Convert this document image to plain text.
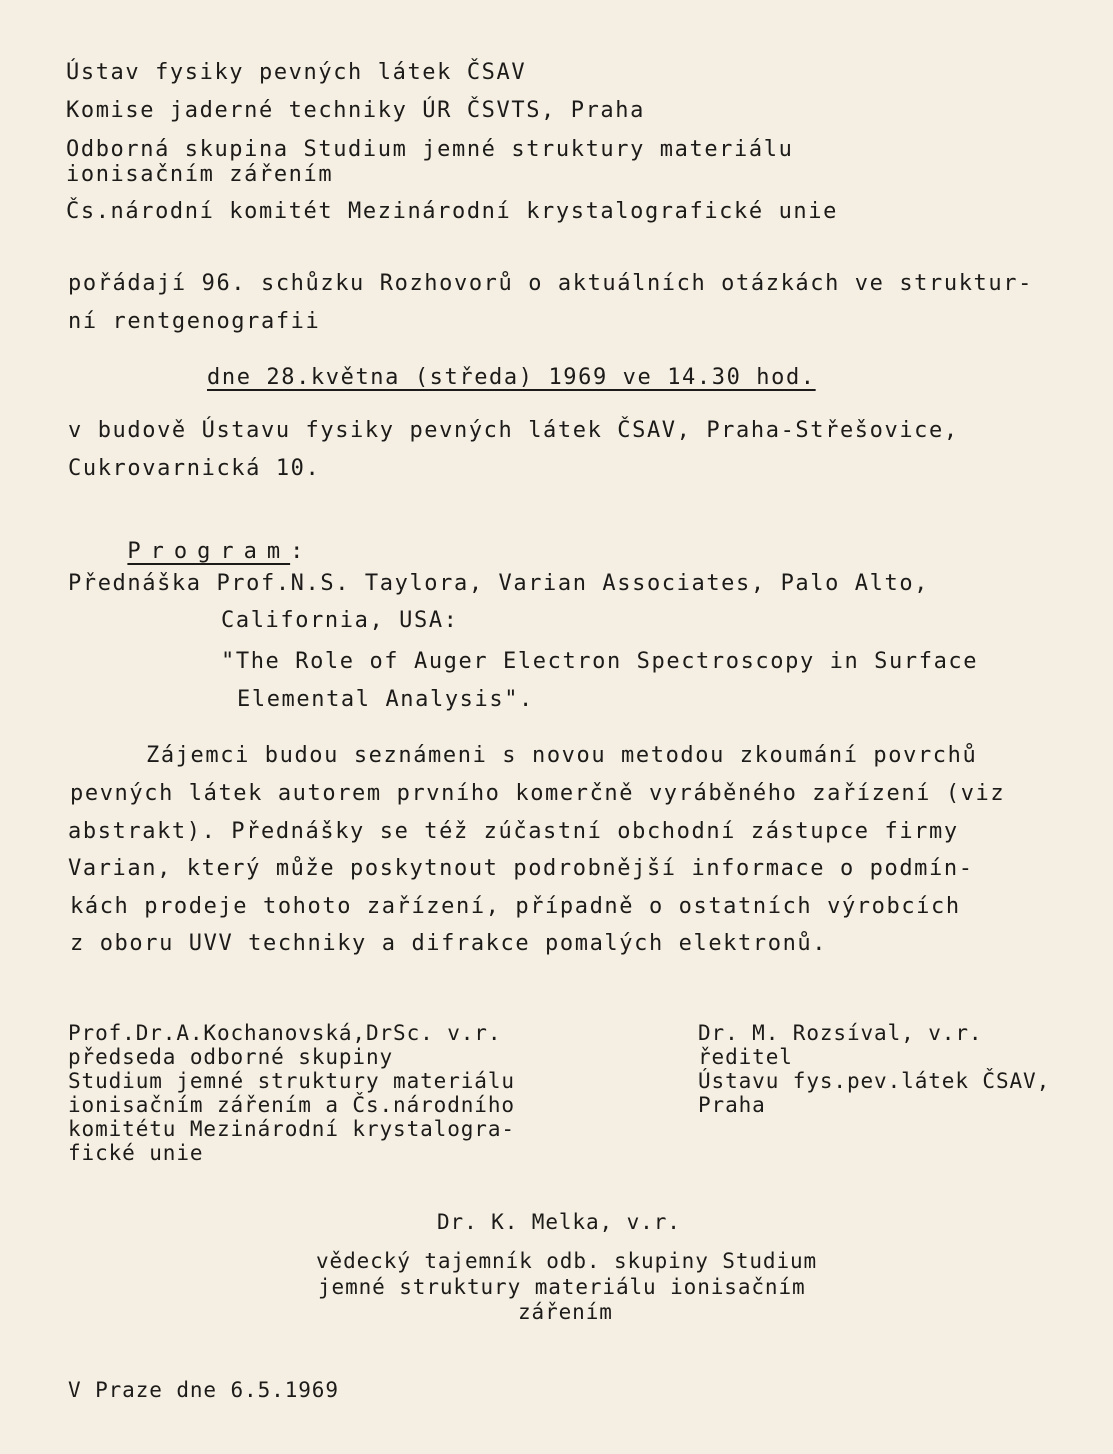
Ústav fysiky pevných látek ČSAV
Komise jaderné techniky ÚR ČSVTS, Praha
Odborná skupina Studium jemné struktury materiálu
ionisačním zářením
Čs.národní komitét Mezinárodní krystalografické unie
pořádají 96. schůzku Rozhovorů o aktuálních otázkách ve struktur-
ní rentgenografii
dne 28.května (středa) 1969 ve 14.30 hod.
v budově Ústavu fysiky pevných látek ČSAV, Praha-Střešovice,
Cukrovarnická 10.

Program:

Přednáška Prof.N.S. Taylora, Varian Associates, Palo Alto,
California, USA:
"The Role of Auger Electron Spectroscopy in Surface
Elemental Analysis".
Zájemci budou seznámeni s novou metodou zkoumání povrchů
pevných látek autorem prvního komerčně vyráběného zařízení (viz
abstrakt). Přednášky se též zúčastní obchodní zástupce firmy
Varian, který může poskytnout podrobnější informace o podmín-
kách prodeje tohoto zařízení, případně o ostatních výrobcích
z oboru UVV techniky a difrakce pomalých elektronů.
Prof.Dr.A.Kochanovská,DrSc. v.r.
předseda odborné skupiny
Studium jemné struktury materiálu
ionisačním zářením a Čs.národního
komitétu Mezinárodní krystalogra-
fické unie
Dr. M. Rozsíval, v.r.
ředitel
Ústavu fys.pev.látek ČSAV,
Praha
Dr. K. Melka, v.r.
vědecký tajemník odb. skupiny Studium
jemné struktury materiálu ionisačním
zářením
V Praze dne 6.5.1969
